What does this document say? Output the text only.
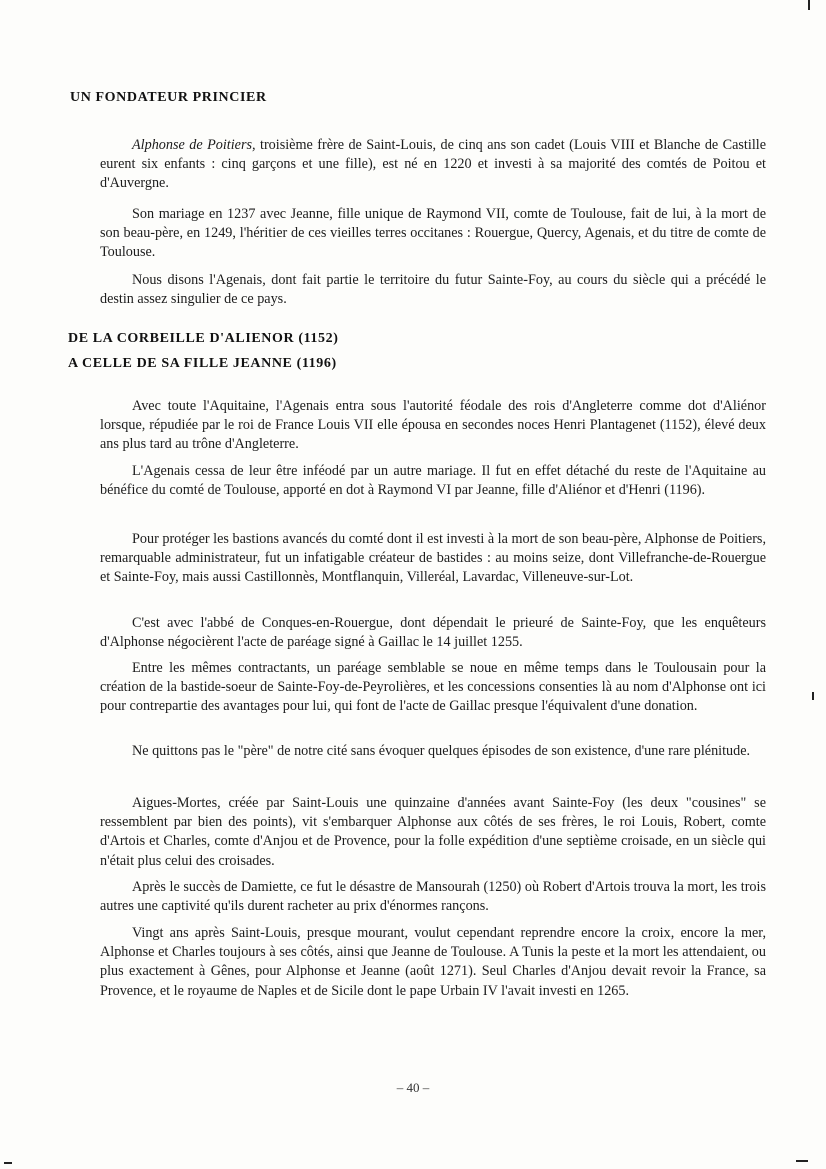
UN FONDATEUR PRINCIER
Alphonse de Poitiers, troisième frère de Saint-Louis, de cinq ans son cadet (Louis VIII et Blanche de Castille eurent six enfants : cinq garçons et une fille), est né en 1220 et investi à sa majorité des comtés de Poitou et d'Auvergne.
Son mariage en 1237 avec Jeanne, fille unique de Raymond VII, comte de Toulouse, fait de lui, à la mort de son beau-père, en 1249, l'héritier de ces vieilles terres occitanes : Rouergue, Quercy, Agenais, et du titre de comte de Toulouse.
Nous disons l'Agenais, dont fait partie le territoire du futur Sainte-Foy, au cours du siècle qui a précédé le destin assez singulier de ce pays.
DE LA CORBEILLE D'ALIENOR (1152)
A CELLE DE SA FILLE JEANNE (1196)
Avec toute l'Aquitaine, l'Agenais entra sous l'autorité féodale des rois d'Angleterre comme dot d'Aliénor lorsque, répudiée par le roi de France Louis VII elle épousa en secondes noces Henri Plantagenet (1152), élevé deux ans plus tard au trône d'Angleterre.
L'Agenais cessa de leur être inféodé par un autre mariage. Il fut en effet détaché du reste de l'Aquitaine au bénéfice du comté de Toulouse, apporté en dot à Raymond VI par Jeanne, fille d'Aliénor et d'Henri (1196).
Pour protéger les bastions avancés du comté dont il est investi à la mort de son beau-père, Alphonse de Poitiers, remarquable administrateur, fut un infatigable créateur de bastides : au moins seize, dont Villefranche-de-Rouergue et Sainte-Foy, mais aussi Castillonnès, Montflanquin, Villeréal, Lavardac, Villeneuve-sur-Lot.
C'est avec l'abbé de Conques-en-Rouergue, dont dépendait le prieuré de Sainte-Foy, que les enquêteurs d'Alphonse négocièrent l'acte de paréage signé à Gaillac le 14 juillet 1255.
Entre les mêmes contractants, un paréage semblable se noue en même temps dans le Toulousain pour la création de la bastide-soeur de Sainte-Foy-de-Peyrolières, et les concessions consenties là au nom d'Alphonse ont ici pour contrepartie des avantages pour lui, qui font de l'acte de Gaillac presque l'équivalent d'une donation.
Ne quittons pas le "père" de notre cité sans évoquer quelques épisodes de son existence, d'une rare plénitude.
Aigues-Mortes, créée par Saint-Louis une quinzaine d'années avant Sainte-Foy (les deux "cousines" se ressemblent par bien des points), vit s'embarquer Alphonse aux côtés de ses frères, le roi Louis, Robert, comte d'Artois et Charles, comte d'Anjou et de Provence, pour la folle expédition d'une septième croisade, en un siècle qui n'était plus celui des croisades.
Après le succès de Damiette, ce fut le désastre de Mansourah (1250) où Robert d'Artois trouva la mort, les trois autres une captivité qu'ils durent racheter au prix d'énormes rançons.
Vingt ans après Saint-Louis, presque mourant, voulut cependant reprendre encore la croix, encore la mer, Alphonse et Charles toujours à ses côtés, ainsi que Jeanne de Toulouse. A Tunis la peste et la mort les attendaient, ou plus exactement à Gênes, pour Alphonse et Jeanne (août 1271). Seul Charles d'Anjou devait revoir la France, sa Provence, et le royaume de Naples et de Sicile dont le pape Urbain IV l'avait investi en 1265.
– 40 –
